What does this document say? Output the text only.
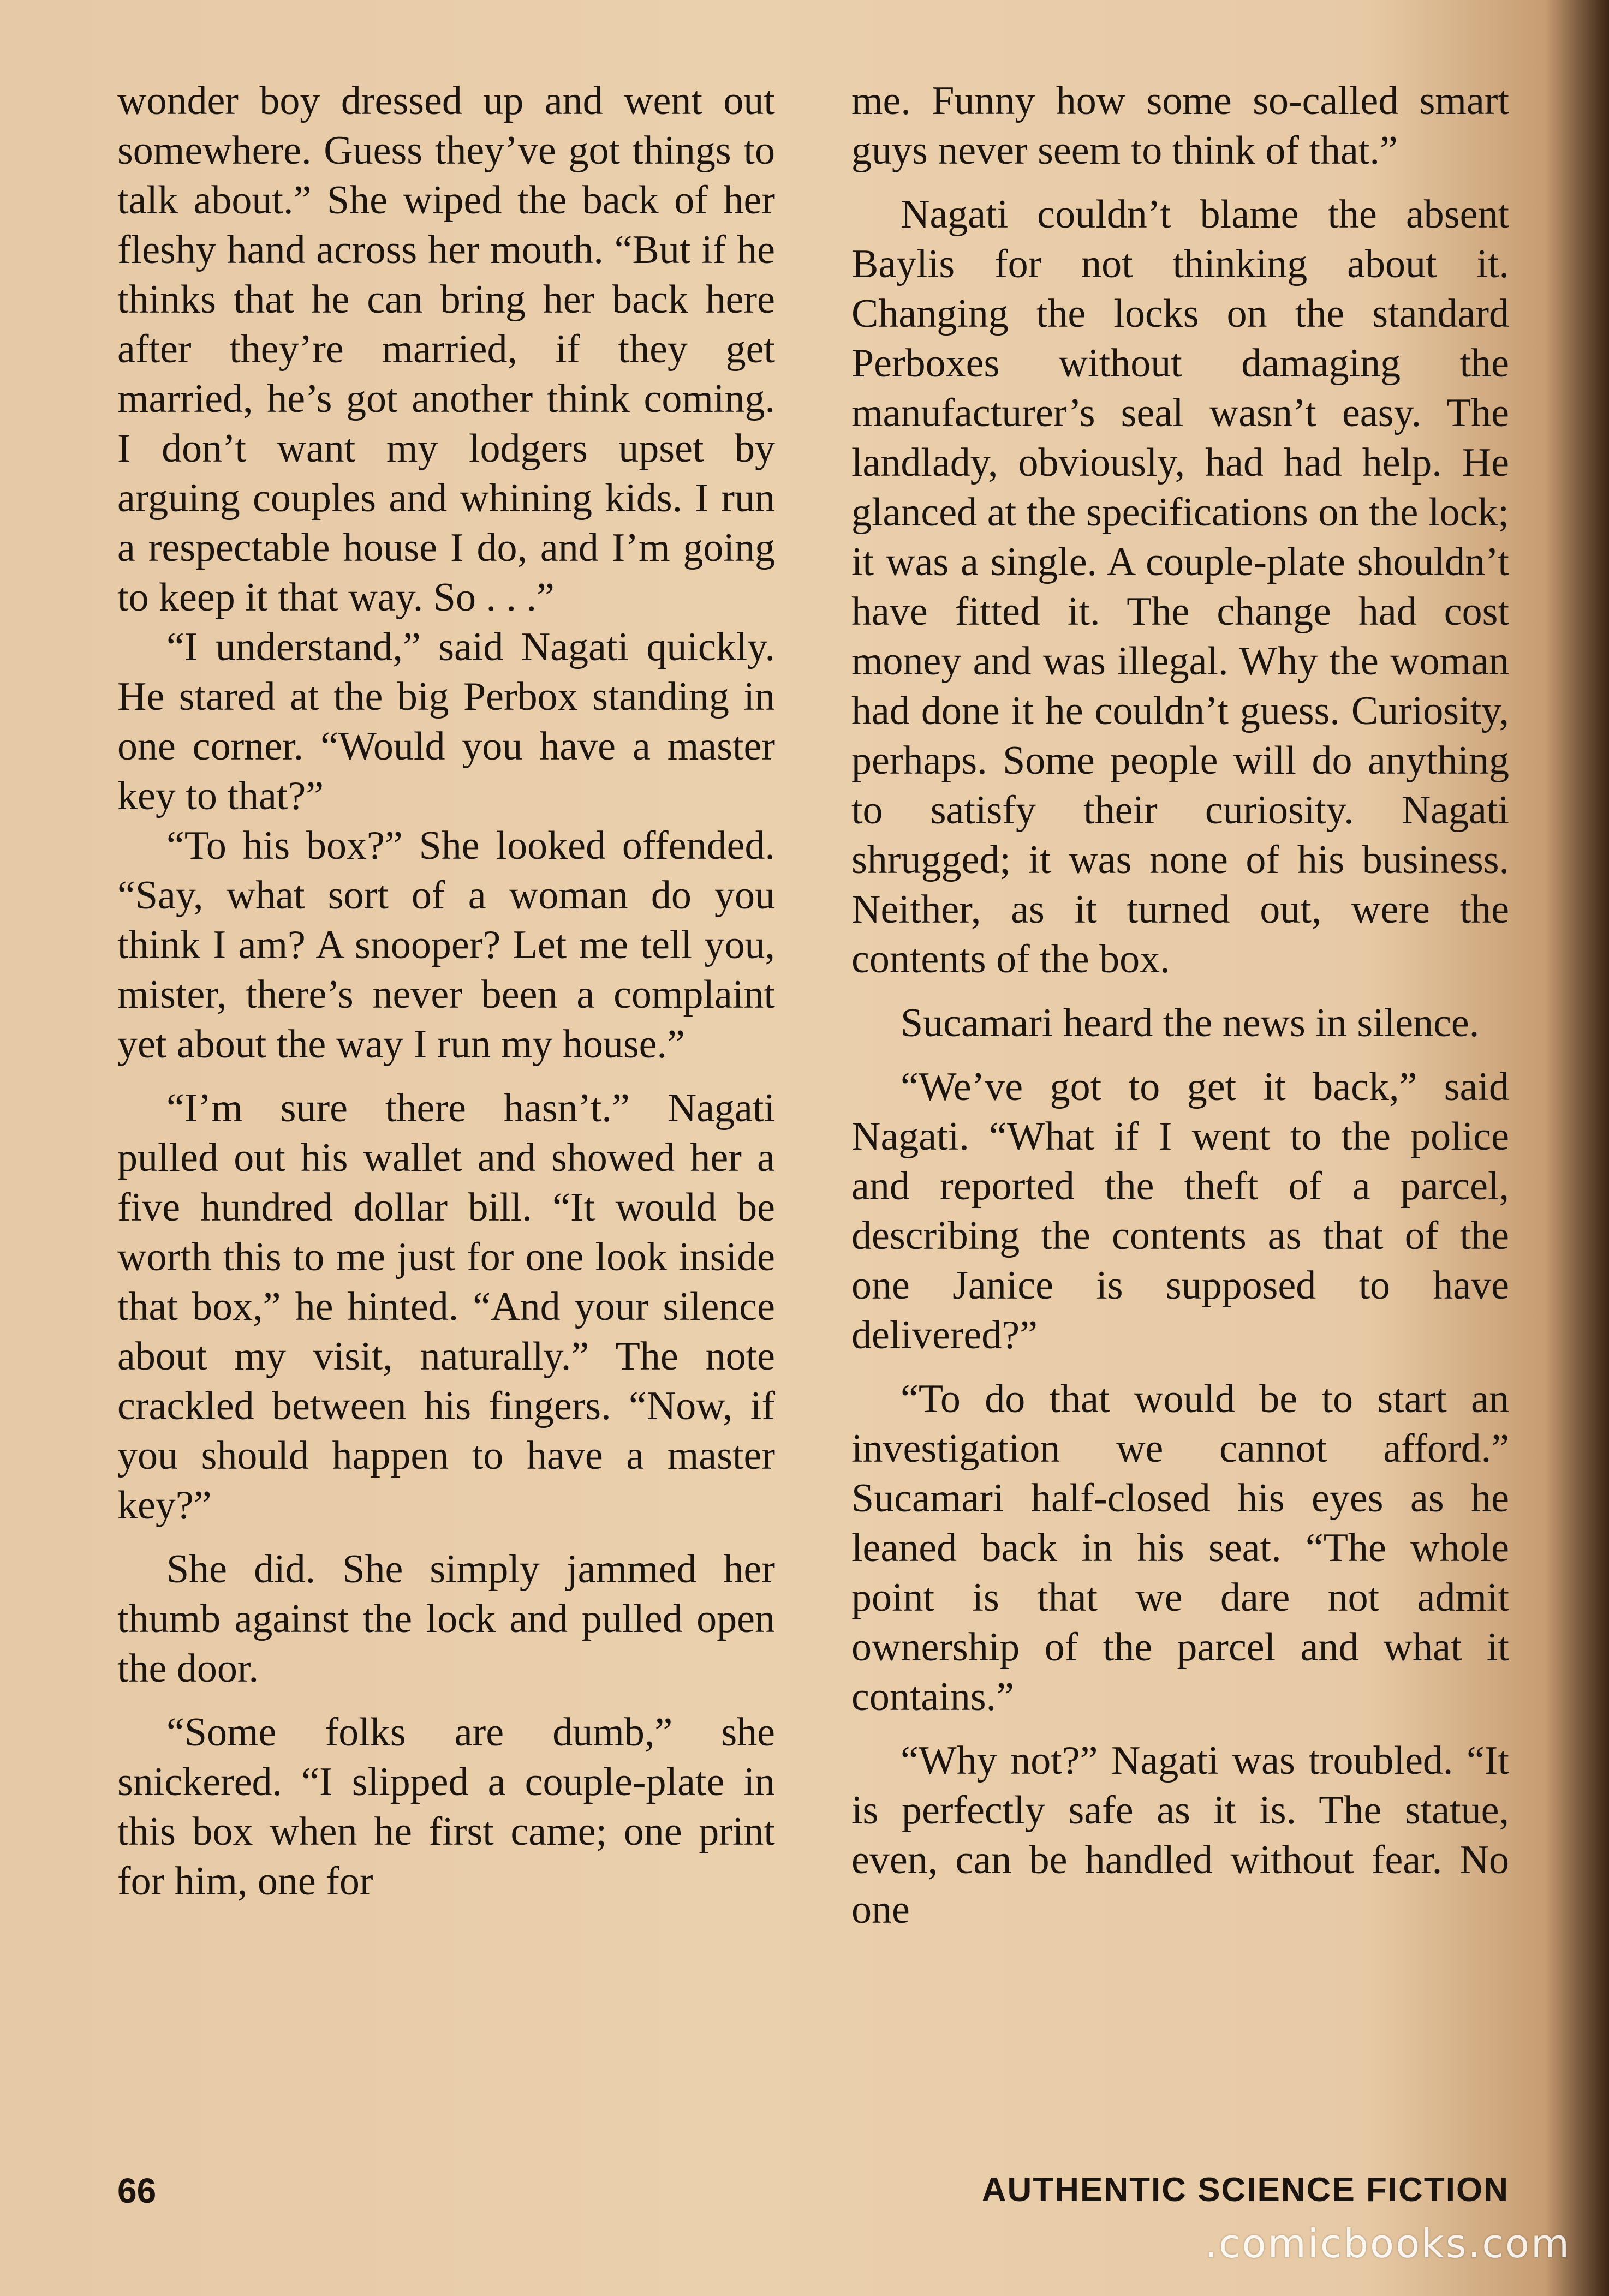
wonder boy dressed up and went out somewhere. Guess they’ve got things to talk about.” She wiped the back of her fleshy hand across her mouth. “But if he thinks that he can bring her back here after they’re married, if they get married, he’s got another think coming. I don’t want my lodgers upset by arguing couples and whining kids. I run a respectable house I do, and I’m going to keep it that way. So . . .”

“I understand,” said Nagati quickly. He stared at the big Perbox standing in one corner. “Would you have a master key to that?”

“To his box?” She looked offended. “Say, what sort of a woman do you think I am? A snooper? Let me tell you, mister, there’s never been a complaint yet about the way I run my house.”

“I’m sure there hasn’t.” Nagati pulled out his wallet and showed her a five hundred dollar bill. “It would be worth this to me just for one look inside that box,” he hinted. “And your silence about my visit, naturally.” The note crackled between his fingers. “Now, if you should happen to have a master key?”

She did. She simply jammed her thumb against the lock and pulled open the door.

“Some folks are dumb,” she snickered. “I slipped a couple-plate in this box when he first came; one print for him, one for

me. Funny how some so-called smart guys never seem to think of that.”

Nagati couldn’t blame the absent Baylis for not thinking about it. Changing the locks on the standard Perboxes without damaging the manufacturer’s seal wasn’t easy. The landlady, obviously, had had help. He glanced at the specifications on the lock; it was a single. A couple-plate shouldn’t have fitted it. The change had cost money and was illegal. Why the woman had done it he couldn’t guess. Curiosity, perhaps. Some people will do anything to satisfy their curiosity. Nagati shrugged; it was none of his business. Neither, as it turned out, were the contents of the box.

Sucamari heard the news in silence.

“We’ve got to get it back,” said Nagati. “What if I went to the police and reported the theft of a parcel, describing the contents as that of the one Janice is supposed to have delivered?”

“To do that would be to start an investigation we cannot afford.” Sucamari half-closed his eyes as he leaned back in his seat. “The whole point is that we dare not admit ownership of the parcel and what it contains.”

“Why not?” Nagati was troubled. “It is perfectly safe as it is. The statue, even, can be handled without fear. No one

66	AUTHENTIC SCIENCE FICTION
.comicbooks.com
